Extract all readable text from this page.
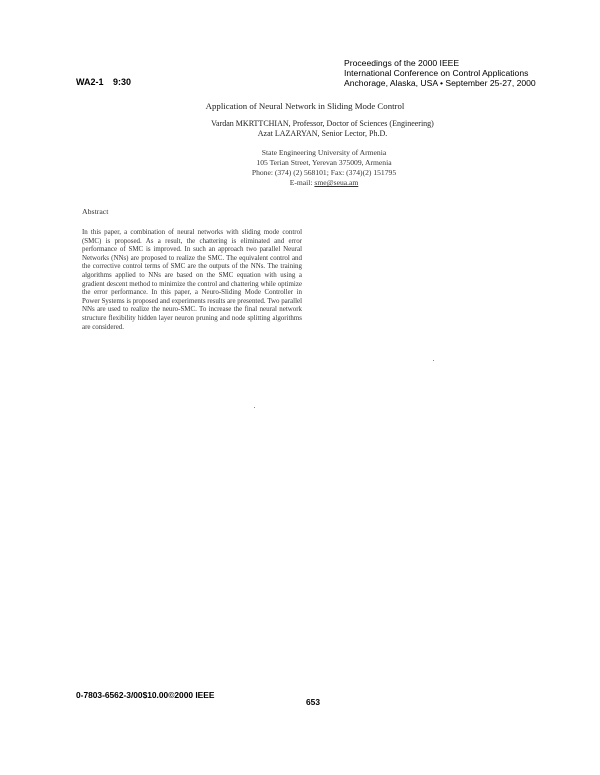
WA2-1 9:30
Proceedings of the 2000 IEEE
International Conference on Control Applications
Anchorage, Alaska, USA • September 25-27, 2000
Application of Neural Network in Sliding Mode Control
Vardan MKRTTCHIAN, Professor, Doctor of Sciences (Engineering)
Azat LAZARYAN, Senior Lector, Ph.D.
State Engineering University of Armenia
105 Terian Street, Yerevan 375009, Armenia
Phone: (374) (2) 568101; Fax: (374)(2) 151795
E-mail: sme@seua.am
Abstract
In this paper, a combination of neural networks with sliding mode control (SMC) is proposed. As a result, the chattering is eliminated and error performance of SMC is improved. In such an approach two parallel Neural Networks (NNs) are proposed to realize the SMC. The equivalent control and the corrective control terms of SMC are the outputs of the NNs. The training algorithms applied to NNs are based on the SMC equation with using a gradient descent method to minimize the control and chattering while optimize the error performance. In this paper, a Neuro-Sliding Mode Controller in Power Systems is proposed and experiments results are presented. Two parallel NNs are used to realize the neuro-SMC. To increase the final neural network structure flexibility hidden layer neuron pruning and node splitting algorithms are considered.
0-7803-6562-3/00$10.00©2000 IEEE
653
